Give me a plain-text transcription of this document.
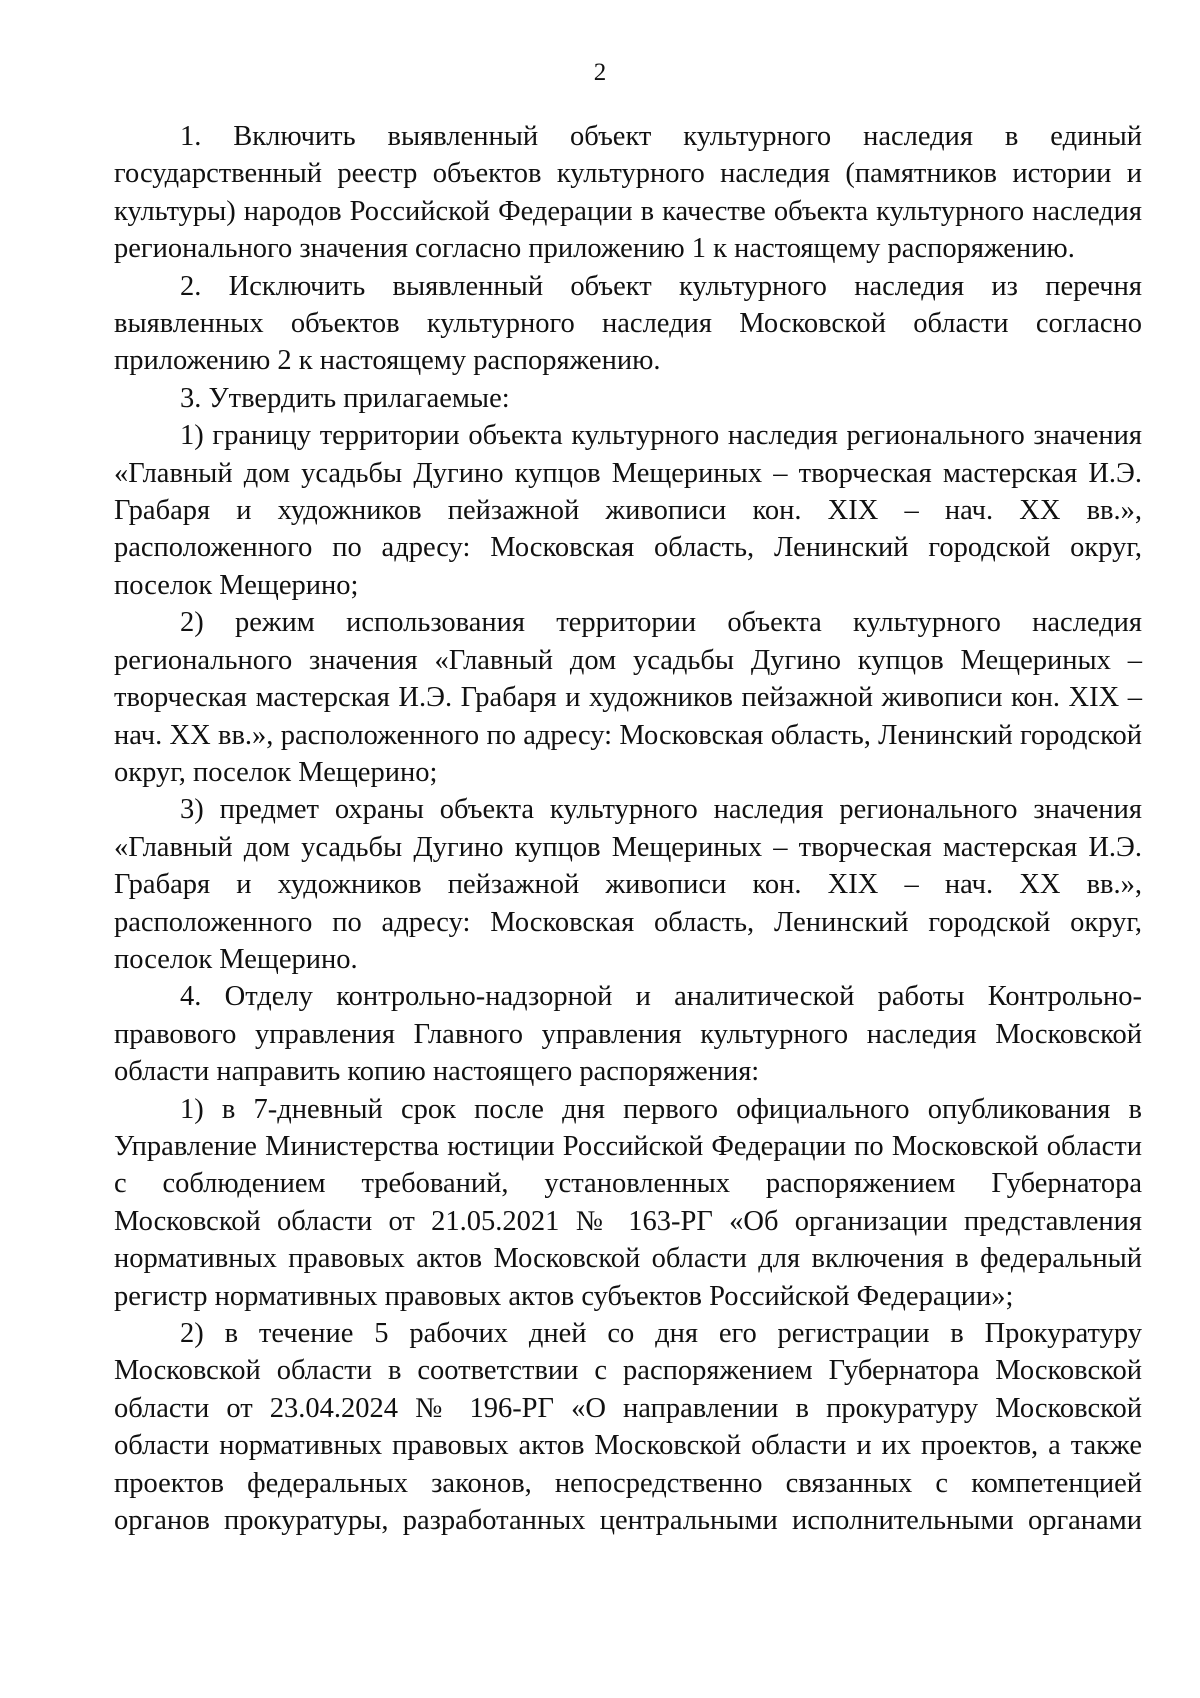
2

1. Включить выявленный объект культурного наследия в единый государственный реестр объектов культурного наследия (памятников истории и культуры) народов Российской Федерации в качестве объекта культурного наследия регионального значения согласно приложению 1 к настоящему распоряжению.

2. Исключить выявленный объект культурного наследия из перечня выявленных объектов культурного наследия Московской области согласно приложению 2 к настоящему распоряжению.

3. Утвердить прилагаемые:

1) границу территории объекта культурного наследия регионального значения «Главный дом усадьбы Дугино купцов Мещериных – творческая мастерская И.Э. Грабаря и художников пейзажной живописи кон. XIX – нач. XX вв.», расположенного по адресу: Московская область, Ленинский городской округ, поселок Мещерино;

2) режим использования территории объекта культурного наследия регионального значения «Главный дом усадьбы Дугино купцов Мещериных – творческая мастерская И.Э. Грабаря и художников пейзажной живописи кон. XIX – нач. XX вв.», расположенного по адресу: Московская область, Ленинский городской округ, поселок Мещерино;

3) предмет охраны объекта культурного наследия регионального значения «Главный дом усадьбы Дугино купцов Мещериных – творческая мастерская И.Э. Грабаря и художников пейзажной живописи кон. XIX – нач. XX вв.», расположенного по адресу: Московская область, Ленинский городской округ, поселок Мещерино.

4. Отделу контрольно-надзорной и аналитической работы Контрольно-правового управления Главного управления культурного наследия Московской области направить копию настоящего распоряжения:

1) в 7-дневный срок после дня первого официального опубликования в Управление Министерства юстиции Российской Федерации по Московской области с соблюдением требований, установленных распоряжением Губернатора Московской области от 21.05.2021 № 163-РГ «Об организации представления нормативных правовых актов Московской области для включения в федеральный регистр нормативных правовых актов субъектов Российской Федерации»;

2) в течение 5 рабочих дней со дня его регистрации в Прокуратуру Московской области в соответствии с распоряжением Губернатора Московской области от 23.04.2024 № 196-РГ «О направлении в прокуратуру Московской области нормативных правовых актов Московской области и их проектов, а также проектов федеральных законов, непосредственно связанных с компетенцией органов прокуратуры, разработанных центральными исполнительными органами
